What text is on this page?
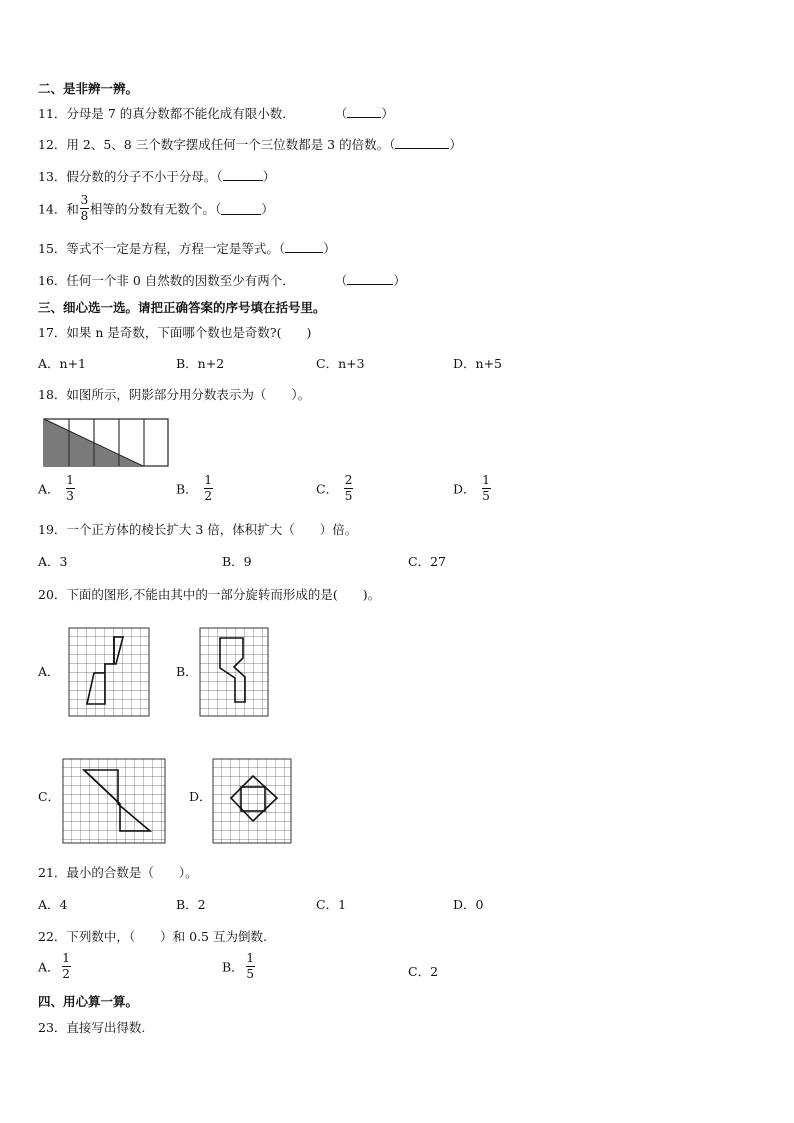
二、是非辨一辨。
11．分母是 7 的真分数都不能化成有限小数．	（	）
12．用 2、5、8 三个数字摆成任何一个三位数都是 3 的倍数。（	）
13．假分数的分子不小于分母。（	）
14．和 $\frac{3}{8}$ 相等的分数有无数个。（	）
15．等式不一定是方程，方程一定是等式。（	）
16．任何一个非 0 自然数的因数至少有两个．	（	）
三、细心选一选。请把正确答案的序号填在括号里。
17．如果 n 是奇数，下面哪个数也是奇数?(　　)
A．n+1	B．n+2	C．n+3	D．n+5
18．如图所示，阴影部分用分数表示为（　　）。
A． $\frac{1}{3}$	B． $\frac{1}{2}$	C． $\frac{2}{5}$	D． $\frac{1}{5}$
19．一个正方体的棱长扩大 3 倍，体积扩大（　　）倍。
A．3	B．9	C．27
20．下面的图形,不能由其中的一部分旋转而形成的是(　　)。
A．	B．
C．	D．
21．最小的合数是（　　）。
A．4	B．2	C．1	D．0
22．下列数中，（　　）和 0.5 互为倒数.
A． $\frac{1}{2}$	B． $\frac{1}{5}$	C．2
四、用心算一算。
23．直接写出得数.
